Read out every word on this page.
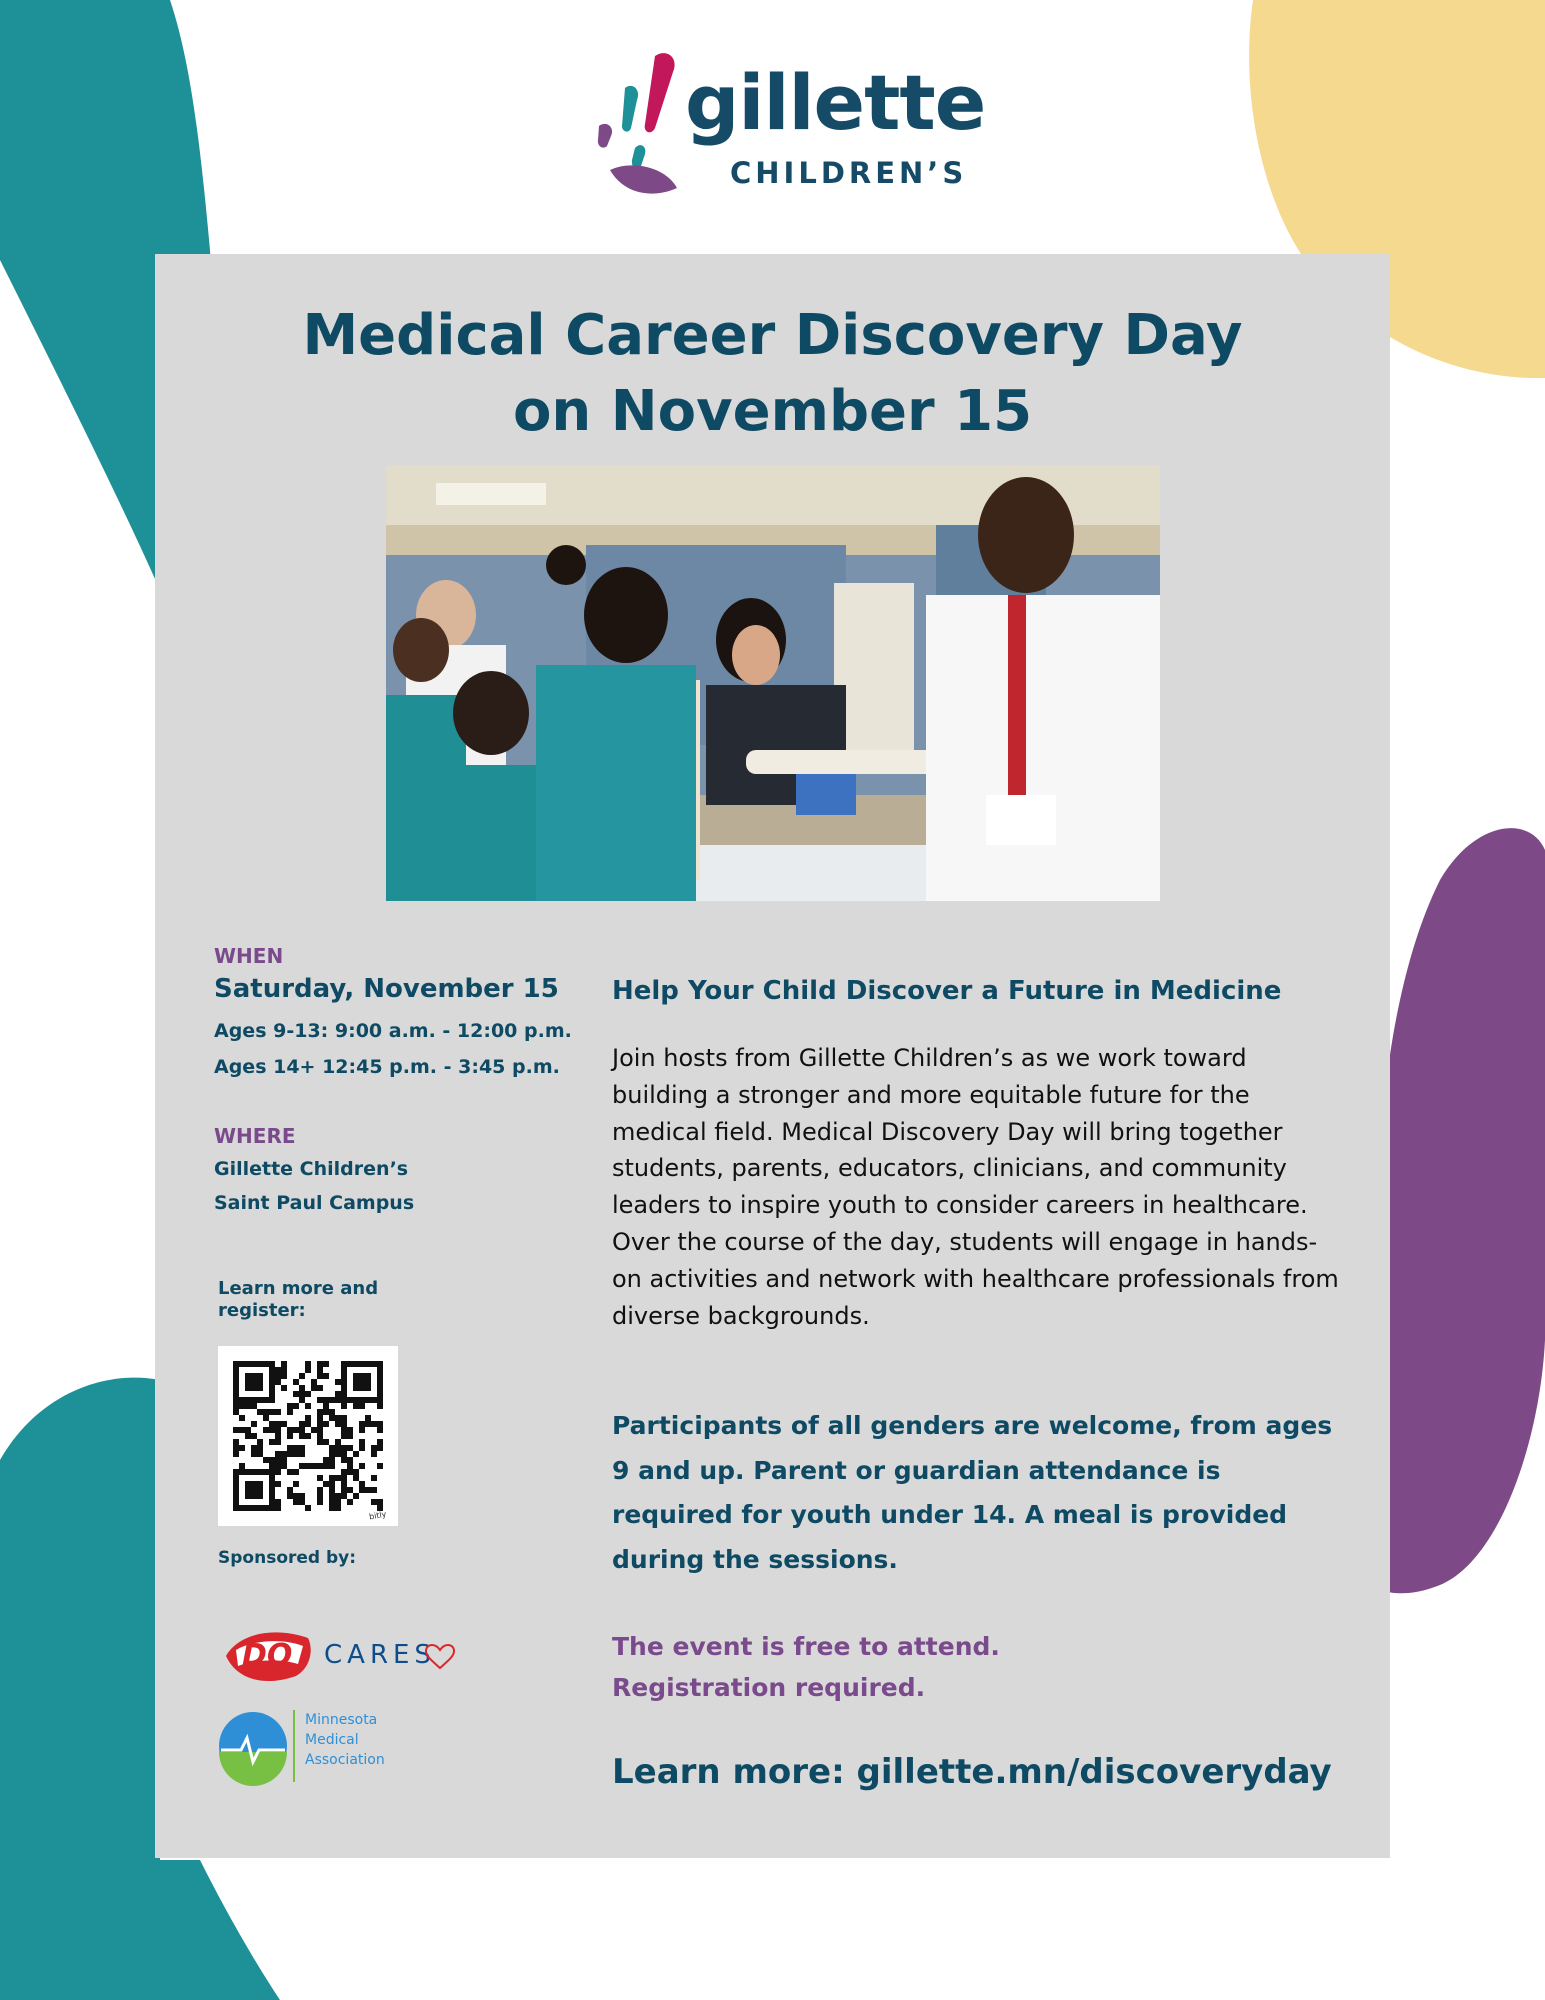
gillette
CHILDREN’S
Medical Career Discovery Day
on November 15
WHEN
Saturday, November 15
Ages 9-13: 9:00 a.m. - 12:00 p.m.
Ages 14+ 12:45 p.m. - 3:45 p.m.
WHERE
Gillette Children’s
Saint Paul Campus
Learn more and
register:
bitly
Sponsored by:
DQ CARES
Minnesota
Medical
Association
Help Your Child Discover a Future in Medicine

Join hosts from Gillette Children’s as we work toward building a stronger and more equitable future for the medical field. Medical Discovery Day will bring together students, parents, educators, clinicians, and community leaders to inspire youth to consider careers in healthcare. Over the course of the day, students will engage in hands-on activities and network with healthcare professionals from diverse backgrounds.

Participants of all genders are welcome, from ages 9 and up. Parent or guardian attendance is required for youth under 14. A meal is provided during the sessions.

The event is free to attend.
Registration required.
Learn more: gillette.mn/discoveryday
